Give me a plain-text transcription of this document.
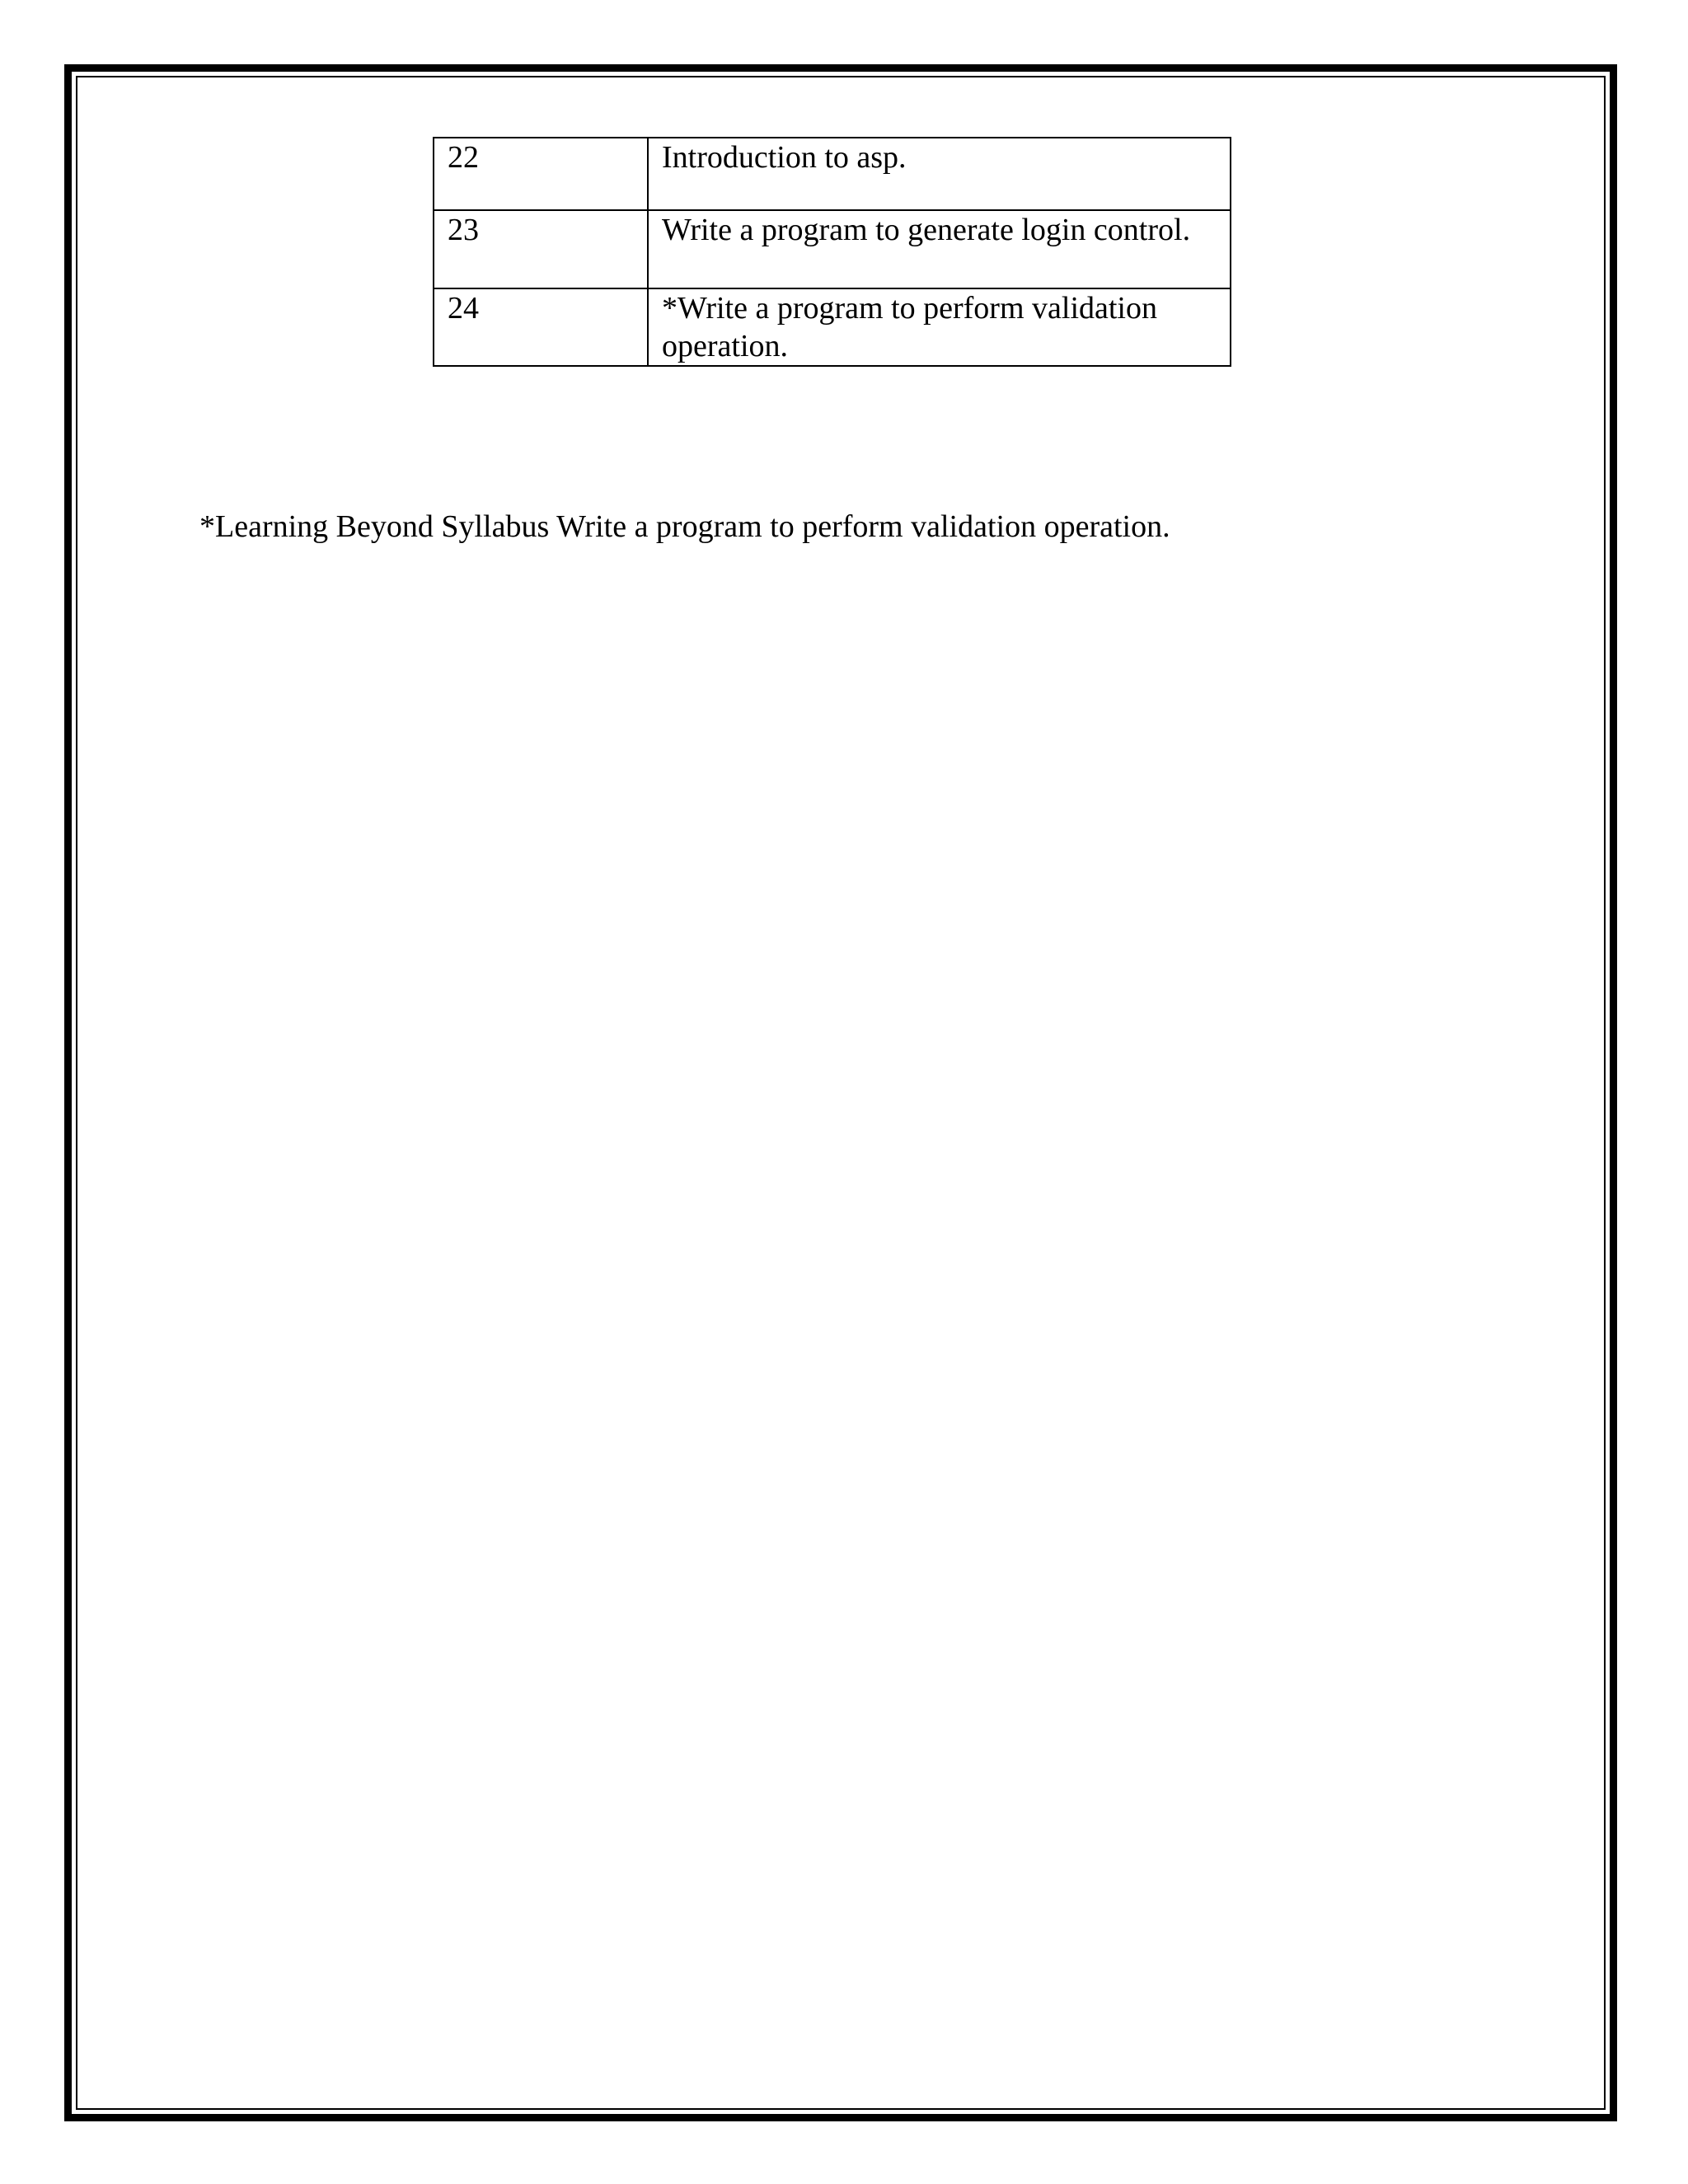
22	Introduction to asp.
23	Write a program to generate login control.
24	*Write a program to perform validation operation.
*Learning Beyond Syllabus Write a program to perform validation operation.
